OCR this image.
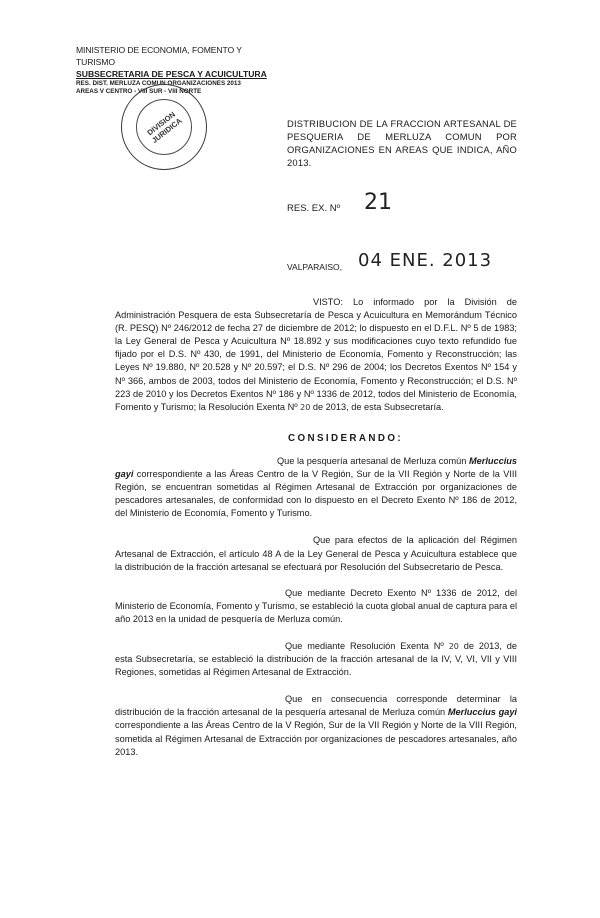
MINISTERIO DE ECONOMIA, FOMENTO Y TURISMO
SUBSECRETARIA DE PESCA Y ACUICULTURA
RES. DIST. MERLUZA COMUN ORGANIZACIONES 2013
AREAS V CENTRO - VIII SUR - VIII NORTE
DIVISION JURIDICA	DISTRIBUCION DE LA FRACCION ARTESANAL DE PESQUERIA DE MERLUZA COMUN POR ORGANIZACIONES EN AREAS QUE INDICA, AÑO 2013.
RES. EX. Nº 21
VALPARAISO, 04 ENE. 2013

VISTO: Lo informado por la División de Administración Pesquera de esta Subsecretaría de Pesca y Acuicultura en Memorándum Técnico (R. PESQ) Nº 246/2012 de fecha 27 de diciembre de 2012; lo dispuesto en el D.F.L. Nº 5 de 1983; la Ley General de Pesca y Acuicultura Nº 18.892 y sus modificaciones cuyo texto refundido fue fijado por el D.S. Nº 430, de 1991, del Ministerio de Economía, Fomento y Reconstrucción; las Leyes Nº 19.880, Nº 20.528 y Nº 20.597; el D.S. Nº 296 de 2004; los Decretos Exentos Nº 154 y Nº 366, ambos de 2003, todos del Ministerio de Economía, Fomento y Reconstrucción; el D.S. Nº 223 de 2010 y los Decretos Exentos Nº 186 y Nº 1336 de 2012, todos del Ministerio de Economía, Fomento y Turismo; la Resolución Exenta Nº 20 de 2013, de esta Subsecretaría.

CONSIDERANDO:

Que la pesquería artesanal de Merluza común Merluccius gayi correspondiente a las Áreas Centro de la V Región, Sur de la VII Región y Norte de la VIII Región, se encuentran sometidas al Régimen Artesanal de Extracción por organizaciones de pescadores artesanales, de conformidad con lo dispuesto en el Decreto Exento Nº 186 de 2012, del Ministerio de Economía, Fomento y Turismo.

Que para efectos de la aplicación del Régimen Artesanal de Extracción, el artículo 48 A de la Ley General de Pesca y Acuicultura establece que la distribución de la fracción artesanal se efectuará por Resolución del Subsecretario de Pesca.

Que mediante Decreto Exento Nº 1336 de 2012, del Ministerio de Economía, Fomento y Turismo, se estableció la cuota global anual de captura para el año 2013 en la unidad de pesquería de Merluza común.

Que mediante Resolución Exenta Nº 20 de 2013, de esta Subsecretaría, se estableció la distribución de la fracción artesanal de la IV, V, VI, VII y VIII Regiones, sometidas al Régimen Artesanal de Extracción.

Que en consecuencia corresponde determinar la distribución de la fracción artesanal de la pesquería artesanal de Merluza común Merluccius gayi correspondiente a las Áreas Centro de la V Región, Sur de la VII Región y Norte de la VIII Región, sometida al Régimen Artesanal de Extracción por organizaciones de pescadores artesanales, año 2013.
